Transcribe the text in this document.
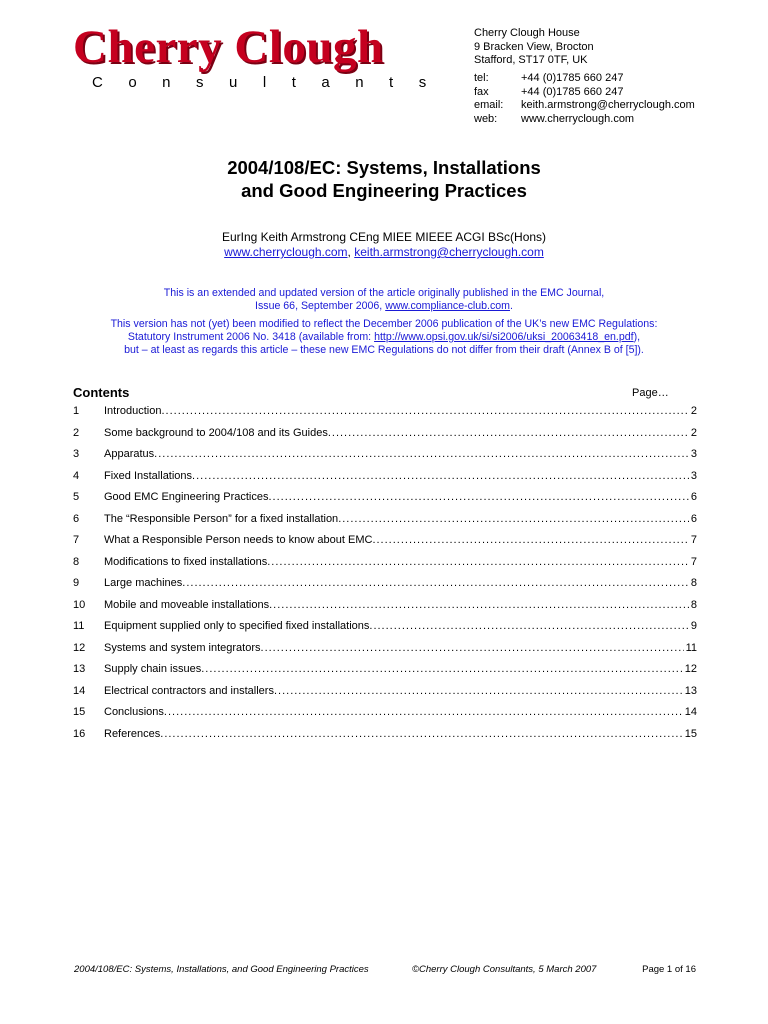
Cherry Clough
Consultants
Cherry Clough House
9 Bracken View, Brocton
Stafford, ST17 0TF, UK
tel:	+44 (0)1785 660 247
fax	+44 (0)1785 660 247
email:	keith.armstrong@cherryclough.com
web:	www.cherryclough.com
2004/108/EC: Systems, Installations
and Good Engineering Practices
EurIng Keith Armstrong CEng MIEE MIEEE ACGI BSc(Hons)
www.cherryclough.com, keith.armstrong@cherryclough.com
This is an extended and updated version of the article originally published in the EMC Journal,
Issue 66, September 2006, www.compliance-club.com.
This version has not (yet) been modified to reflect the December 2006 publication of the UK’s new EMC Regulations:
Statutory Instrument 2006 No. 3418 (available from: http://www.opsi.gov.uk/si/si2006/uksi_20063418_en.pdf),
but – at least as regards this article – these new EMC Regulations do not differ from their draft (Annex B of [5]).
Contents	Page…
1	Introduction .....	2
2	Some background to 2004/108 and its Guides .....	2
3	Apparatus .....	3
4	Fixed Installations .....	3
5	Good EMC Engineering Practices .....	6
6	The “Responsible Person” for a fixed installation .....	6
7	What a Responsible Person needs to know about EMC .....	7
8	Modifications to fixed installations .....	7
9	Large machines .....	8
10	Mobile and moveable installations .....	8
11	Equipment supplied only to specified fixed installations .....	9
12	Systems and system integrators .....	11
13	Supply chain issues .....	12
14	Electrical contractors and installers .....	13
15	Conclusions .....	14
16	References .....	15
2004/108/EC: Systems, Installations, and Good Engineering Practices	©Cherry Clough Consultants, 5 March 2007	Page 1 of 16
